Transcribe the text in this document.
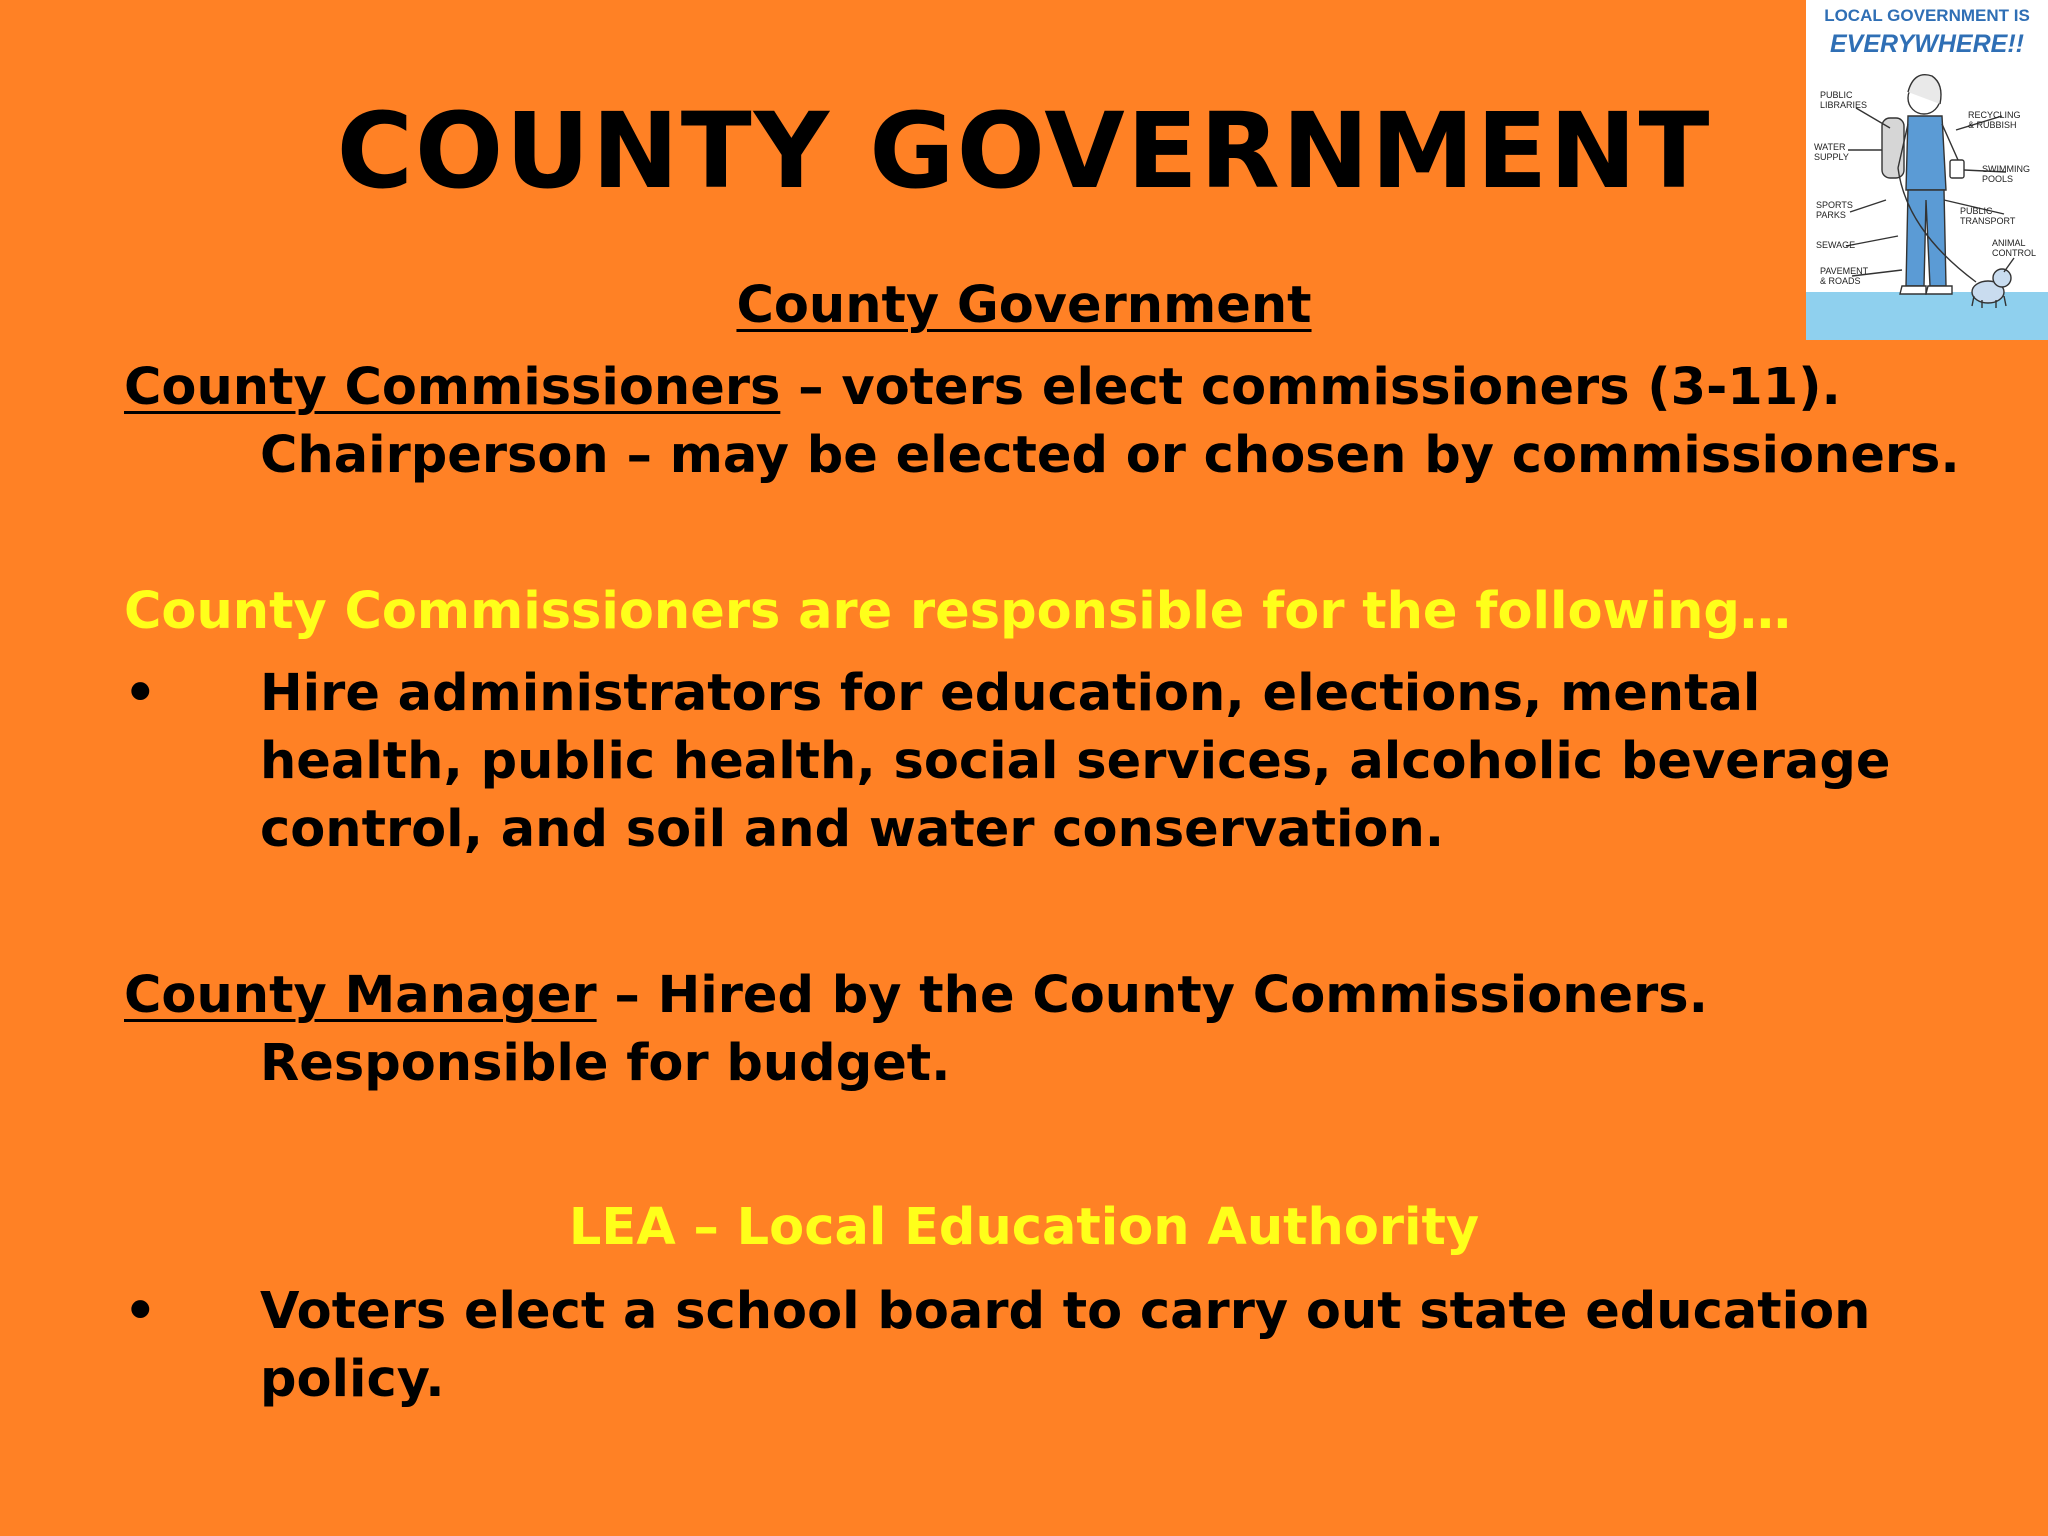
COUNTY GOVERNMENT
County Government
County Commissioners – voters elect commissioners (3-11).
Chairperson – may be elected or chosen by commissioners.
County Commissioners are responsible for the following…
• Hire administrators for education, elections, mental
health, public health, social services, alcoholic beverage
control, and soil and water conservation.
County Manager – Hired by the County Commissioners.
Responsible for budget.
LEA – Local Education Authority
• Voters elect a school board to carry out state education
policy.
LOCAL GOVERNMENT IS
EVERYWHERE!!
PUBLIC
LIBRARIES
WATER
SUPPLY
SPORTS
PARKS
SEWAGE
PAVEMENT
& ROADS
RECYCLING
& RUBBISH
SWIMMING
POOLS
PUBLIC
TRANSPORT
ANIMAL
CONTROL
